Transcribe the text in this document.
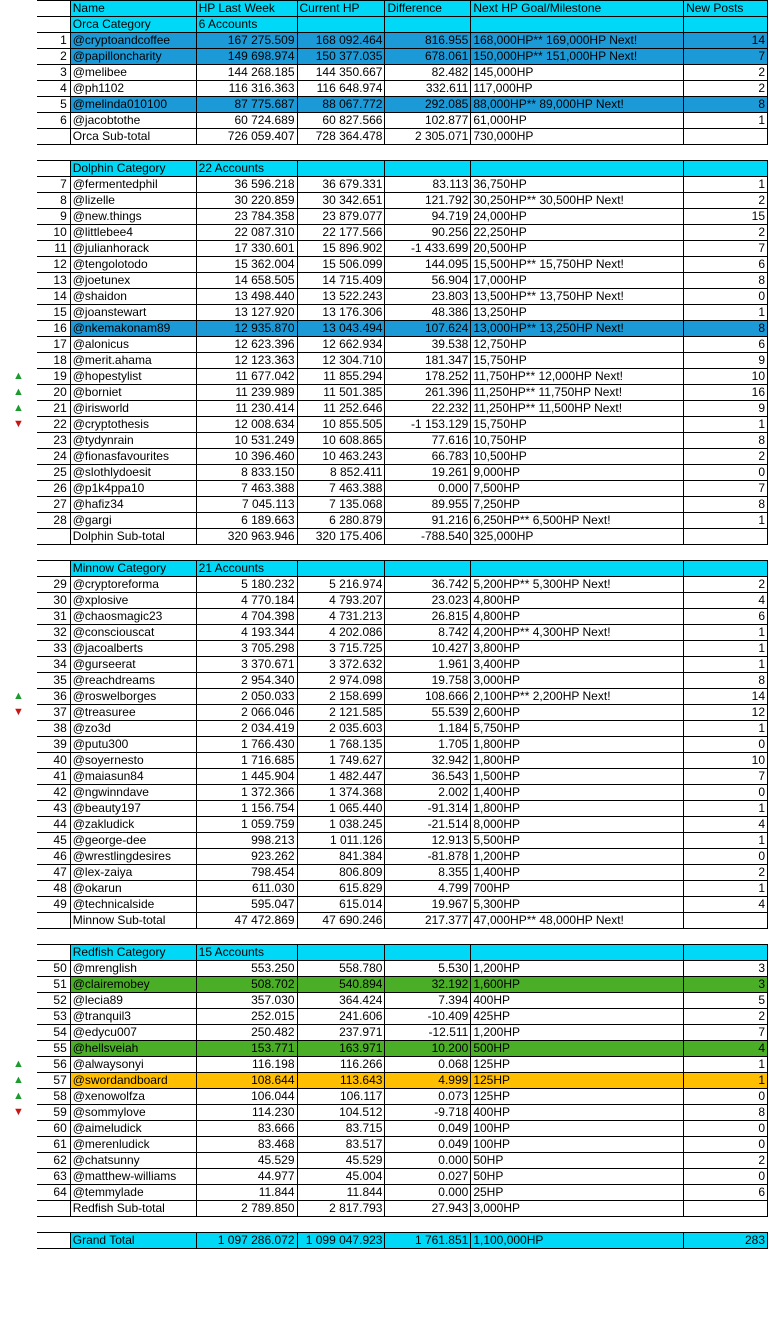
		Name	HP Last Week	Current HP	Difference	Next HP Goal/Milestone	New Posts
		Orca Category	6 Accounts				
	1	@cryptoandcoffee	167 275.509	168 092.464	816.955	168,000HP** 169,000HP Next!	14
	2	@papilloncharity	149 698.974	150 377.035	678.061	150,000HP** 151,000HP Next!	7
	3	@melibee	144 268.185	144 350.667	82.482	145,000HP	2
	4	@ph1102	116 316.363	116 648.974	332.611	117,000HP	2
	5	@melinda010100	87 775.687	88 067.772	292.085	88,000HP** 89,000HP Next!	8
	6	@jacobtothe	60 724.689	60 827.566	102.877	61,000HP	1
		Orca Sub-total	726 059.407	728 364.478	2 305.071	730,000HP	

		Dolphin Category	22 Accounts				
	7	@fermentedphil	36 596.218	36 679.331	83.113	36,750HP	1
	8	@lizelle	30 220.859	30 342.651	121.792	30,250HP** 30,500HP Next!	2
	9	@new.things	23 784.358	23 879.077	94.719	24,000HP	15
	10	@littlebee4	22 087.310	22 177.566	90.256	22,250HP	2
	11	@julianhorack	17 330.601	15 896.902	-1 433.699	20,500HP	7
	12	@tengolotodo	15 362.004	15 506.099	144.095	15,500HP** 15,750HP Next!	6
	13	@joetunex	14 658.505	14 715.409	56.904	17,000HP	8
	14	@shaidon	13 498.440	13 522.243	23.803	13,500HP** 13,750HP Next!	0
	15	@joanstewart	13 127.920	13 176.306	48.386	13,250HP	1
	16	@nkemakonam89	12 935.870	13 043.494	107.624	13,000HP** 13,250HP Next!	8
	17	@alonicus	12 623.396	12 662.934	39.538	12,750HP	6
	18	@merit.ahama	12 123.363	12 304.710	181.347	15,750HP	9
▲	19	@hopestylist	11 677.042	11 855.294	178.252	11,750HP** 12,000HP Next!	10
▲	20	@borniet	11 239.989	11 501.385	261.396	11,250HP** 11,750HP Next!	16
▲	21	@irisworld	11 230.414	11 252.646	22.232	11,250HP** 11,500HP Next!	9
▼	22	@cryptothesis	12 008.634	10 855.505	-1 153.129	15,750HP	1
	23	@tydynrain	10 531.249	10 608.865	77.616	10,750HP	8
	24	@fionasfavourites	10 396.460	10 463.243	66.783	10,500HP	2
	25	@slothlydoesit	8 833.150	8 852.411	19.261	9,000HP	0
	26	@p1k4ppa10	7 463.388	7 463.388	0.000	7,500HP	7
	27	@hafiz34	7 045.113	7 135.068	89.955	7,250HP	8
	28	@gargi	6 189.663	6 280.879	91.216	6,250HP** 6,500HP Next!	1
		Dolphin Sub-total	320 963.946	320 175.406	-788.540	325,000HP	

		Minnow Category	21 Accounts				
	29	@cryptoreforma	5 180.232	5 216.974	36.742	5,200HP** 5,300HP Next!	2
	30	@xplosive	4 770.184	4 793.207	23.023	4,800HP	4
	31	@chaosmagic23	4 704.398	4 731.213	26.815	4,800HP	6
	32	@consciouscat	4 193.344	4 202.086	8.742	4,200HP** 4,300HP Next!	1
	33	@jacoalberts	3 705.298	3 715.725	10.427	3,800HP	1
	34	@gurseerat	3 370.671	3 372.632	1.961	3,400HP	1
	35	@reachdreams	2 954.340	2 974.098	19.758	3,000HP	8
▲	36	@roswelborges	2 050.033	2 158.699	108.666	2,100HP** 2,200HP Next!	14
▼	37	@treasuree	2 066.046	2 121.585	55.539	2,600HP	12
	38	@zo3d	2 034.419	2 035.603	1.184	5,750HP	1
	39	@putu300	1 766.430	1 768.135	1.705	1,800HP	0
	40	@soyernesto	1 716.685	1 749.627	32.942	1,800HP	10
	41	@maiasun84	1 445.904	1 482.447	36.543	1,500HP	7
	42	@ngwinndave	1 372.366	1 374.368	2.002	1,400HP	0
	43	@beauty197	1 156.754	1 065.440	-91.314	1,800HP	1
	44	@zakludick	1 059.759	1 038.245	-21.514	8,000HP	4
	45	@george-dee	998.213	1 011.126	12.913	5,500HP	1
	46	@wrestlingdesires	923.262	841.384	-81.878	1,200HP	0
	47	@lex-zaiya	798.454	806.809	8.355	1,400HP	2
	48	@okarun	611.030	615.829	4.799	700HP	1
	49	@technicalside	595.047	615.014	19.967	5,300HP	4
		Minnow Sub-total	47 472.869	47 690.246	217.377	47,000HP** 48,000HP Next!	

		Redfish Category	15 Accounts				
	50	@mrenglish	553.250	558.780	5.530	1,200HP	3
	51	@clairemobey	508.702	540.894	32.192	1,600HP	3
	52	@lecia89	357.030	364.424	7.394	400HP	5
	53	@tranquil3	252.015	241.606	-10.409	425HP	2
	54	@edycu007	250.482	237.971	-12.511	1,200HP	7
	55	@hellsveiah	153.771	163.971	10.200	500HP	4
▲	56	@alwaysonyi	116.198	116.266	0.068	125HP	1
▲	57	@swordandboard	108.644	113.643	4.999	125HP	1
▲	58	@xenowolfza	106.044	106.117	0.073	125HP	0
▼	59	@sommylove	114.230	104.512	-9.718	400HP	8
	60	@aimeludick	83.666	83.715	0.049	100HP	0
	61	@merenludick	83.468	83.517	0.049	100HP	0
	62	@chatsunny	45.529	45.529	0.000	50HP	2
	63	@matthew-williams	44.977	45.004	0.027	50HP	0
	64	@temmylade	11.844	11.844	0.000	25HP	6
		Redfish Sub-total	2 789.850	2 817.793	27.943	3,000HP	

		Grand Total	1 097 286.072	1 099 047.923	1 761.851	1,100,000HP	283
